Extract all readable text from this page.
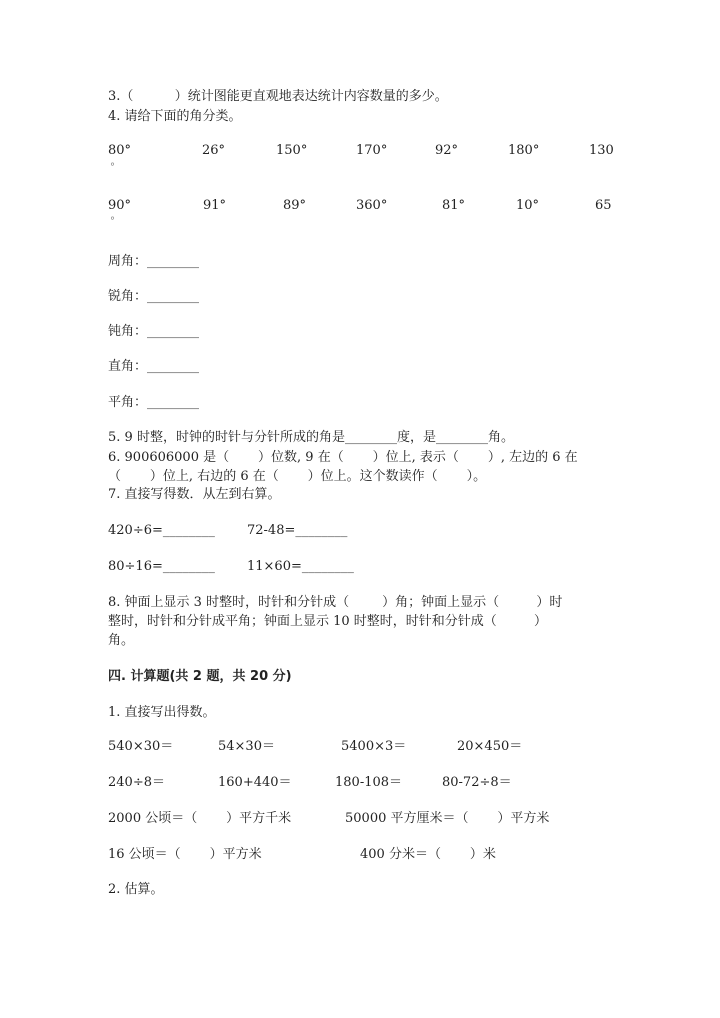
3.（          ）统计图能更直观地表达统计内容数量的多少。
4. 请给下面的角分类。
80°	26°	150°	170°	92°	180°	130
°
90°	91°	89°	360°	81°	10°	65
°
周角：________
锐角：________
钝角：________
直角：________
平角：________
5. 9 时整，时钟的时针与分针所成的角是________度，是________角。
6. 900606000 是（       ）位数, 9 在（       ）位上, 表示（       ）, 左边的 6 在
（       ）位上, 右边的 6 在（       ）位上。这个数读作（       ）。
7. 直接写得数．从左到右算。
420÷6=________ 72-48=________
80÷16=________ 11×60=________
8. 钟面上显示 3 时整时，时针和分针成（        ）角；钟面上显示（         ）时
整时，时针和分针成平角；钟面上显示 10 时整时，时针和分针成（         ）
角。
四. 计算题(共 2 题，共 20 分)
1. 直接写出得数。
540×30＝	54×30＝	5400×3＝	20×450＝
240÷8＝	160+440＝	180-108＝	80-72÷8＝
2000 公顷＝（       ）平方千米	50000 平方厘米＝（       ）平方米
16 公顷＝（       ）平方米	400 分米＝（       ）米
2. 估算。
